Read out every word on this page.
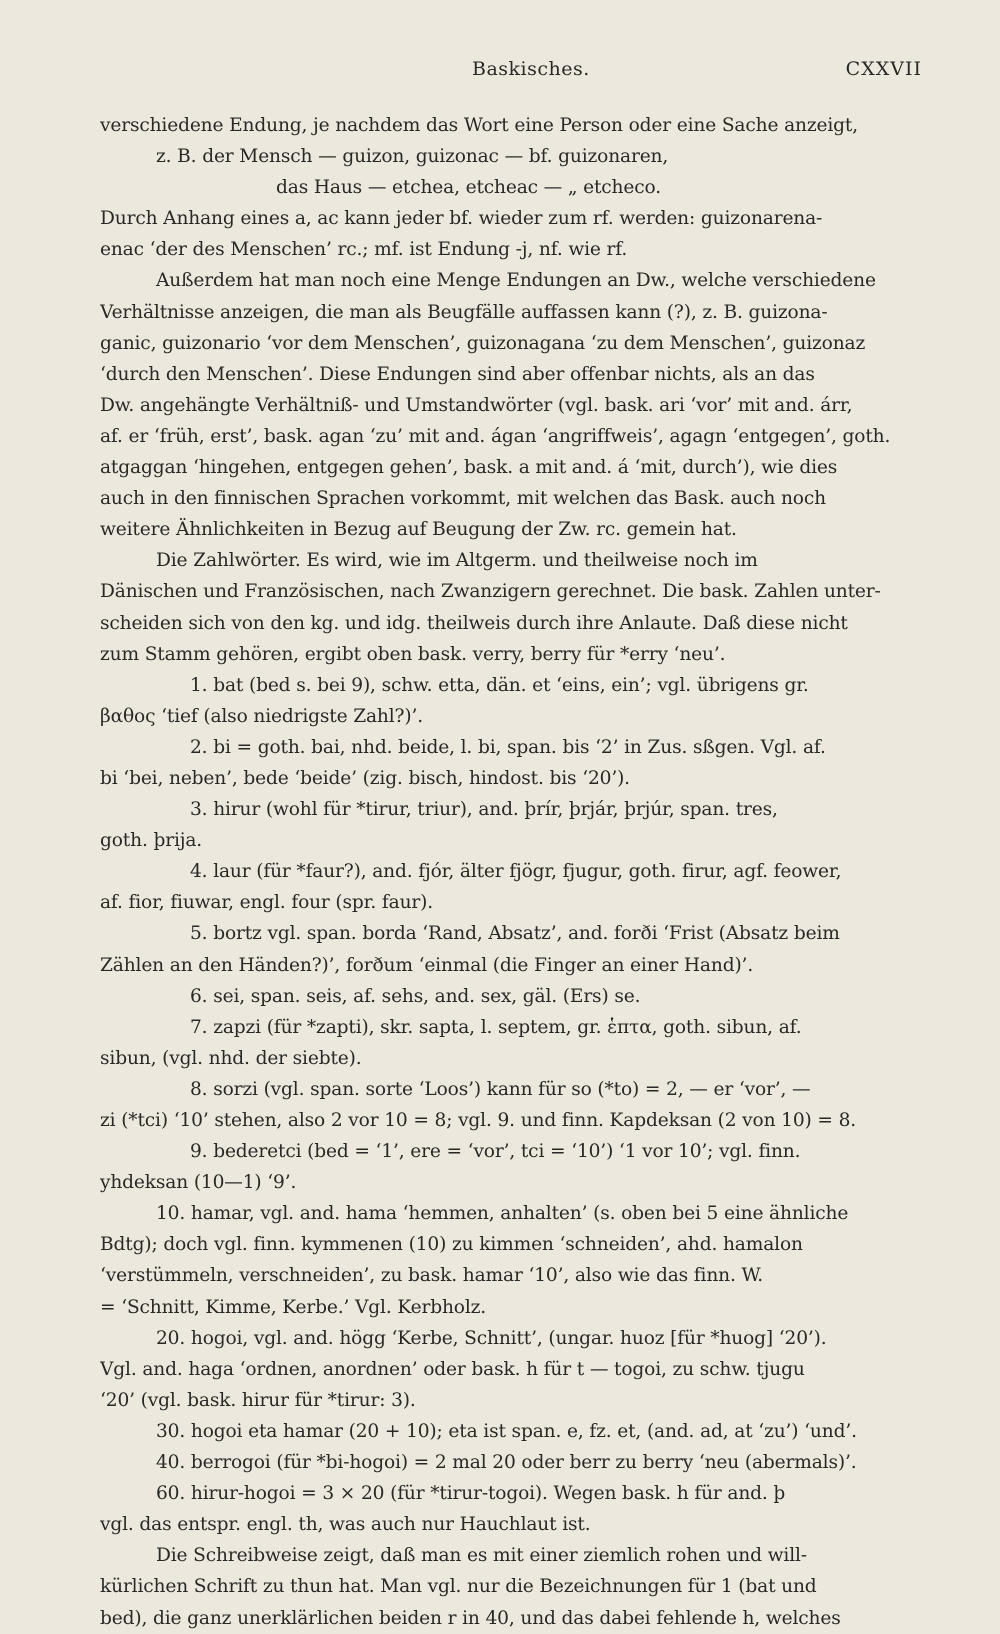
Baskisches.	CXXVII
verschiedene Endung, je nachdem das Wort eine Person oder eine Sache anzeigt,
z. B. der Mensch — guizon, guizonac — bf. guizonaren,
das Haus — etchea, etcheac — „ etcheco.
Durch Anhang eines a, ac kann jeder bf. wieder zum rf. werden: guizonarena-
enac ‘der des Menschen’ rc.; mf. ist Endung -j, nf. wie rf.
Außerdem hat man noch eine Menge Endungen an Dw., welche verschiedene
Verhältnisse anzeigen, die man als Beugfälle auffassen kann (?), z. B. guizona-
ganic, guizonario ‘vor dem Menschen’, guizonagana ‘zu dem Menschen’, guizonaz
‘durch den Menschen’. Diese Endungen sind aber offenbar nichts, als an das
Dw. angehängte Verhältniß- und Umstandwörter (vgl. bask. ari ‘vor’ mit and. árr,
af. er ‘früh, erst’, bask. agan ‘zu’ mit and. ágan ‘angriffweis’, agagn ‘entgegen’, goth.
atgaggan ‘hingehen, entgegen gehen’, bask. a mit and. á ‘mit, durch’), wie dies
auch in den finnischen Sprachen vorkommt, mit welchen das Bask. auch noch
weitere Ähnlichkeiten in Bezug auf Beugung der Zw. rc. gemein hat.
Die Zahlwörter. Es wird, wie im Altgerm. und theilweise noch im
Dänischen und Französischen, nach Zwanzigern gerechnet. Die bask. Zahlen unter-
scheiden sich von den kg. und idg. theilweis durch ihre Anlaute. Daß diese nicht
zum Stamm gehören, ergibt oben bask. verry, berry für *erry ‘neu’.
1. bat (bed s. bei 9), schw. etta, dän. et ‘eins, ein’; vgl. übrigens gr.
βαθος ‘tief (also niedrigste Zahl?)’.
2. bi = goth. bai, nhd. beide, l. bi, span. bis ‘2’ in Zus. sßgen. Vgl. af.
bi ‘bei, neben’, bede ‘beide’ (zig. bisch, hindost. bis ‘20’).
3. hirur (wohl für *tirur, triur), and. þrír, þrjár, þrjúr, span. tres,
goth. þrija.
4. laur (für *faur?), and. fjór, älter fjögr, fjugur, goth. firur, agf. feower,
af. fior, fiuwar, engl. four (spr. faur).
5. bortz vgl. span. borda ‘Rand, Absatz’, and. forði ‘Frist (Absatz beim
Zählen an den Händen?)’, forðum ‘einmal (die Finger an einer Hand)’.
6. sei, span. seis, af. sehs, and. sex, gäl. (Ers) se.
7. zapzi (für *zapti), skr. sapta, l. septem, gr. ἑπτα, goth. sibun, af.
sibun, (vgl. nhd. der siebte).
8. sorzi (vgl. span. sorte ‘Loos’) kann für so (*to) = 2, — er ‘vor’, —
zi (*tci) ‘10’ stehen, also 2 vor 10 = 8; vgl. 9. und finn. Kapdeksan (2 von 10) = 8.
9. bederetci (bed = ‘1’, ere = ‘vor’, tci = ‘10’) ‘1 vor 10’; vgl. finn.
yhdeksan (10—1) ‘9’.
10. hamar, vgl. and. hama ‘hemmen, anhalten’ (s. oben bei 5 eine ähnliche
Bdtg); doch vgl. finn. kymmenen (10) zu kimmen ‘schneiden’, ahd. hamalon
‘verstümmeln, verschneiden’, zu bask. hamar ‘10’, also wie das finn. W.
= ‘Schnitt, Kimme, Kerbe.’ Vgl. Kerbholz.
20. hogoi, vgl. and. högg ‘Kerbe, Schnitt’, (ungar. huoz [für *huog] ‘20’).
Vgl. and. haga ‘ordnen, anordnen’ oder bask. h für t — togoi, zu schw. tjugu
‘20’ (vgl. bask. hirur für *tirur: 3).
30. hogoi eta hamar (20 + 10); eta ist span. e, fz. et, (and. ad, at ‘zu’) ‘und’.
40. berrogoi (für *bi-hogoi) = 2 mal 20 oder berr zu berry ‘neu (abermals)’.
60. hirur-hogoi = 3 × 20 (für *tirur-togoi). Wegen bask. h für and. þ
vgl. das entspr. engl. th, was auch nur Hauchlaut ist.
Die Schreibweise zeigt, daß man es mit einer ziemlich rohen und will-
kürlichen Schrift zu thun hat. Man vgl. nur die Bezeichnungen für 1 (bat und
bed), die ganz unerklärlichen beiden r in 40, und das dabei fehlende h, welches
